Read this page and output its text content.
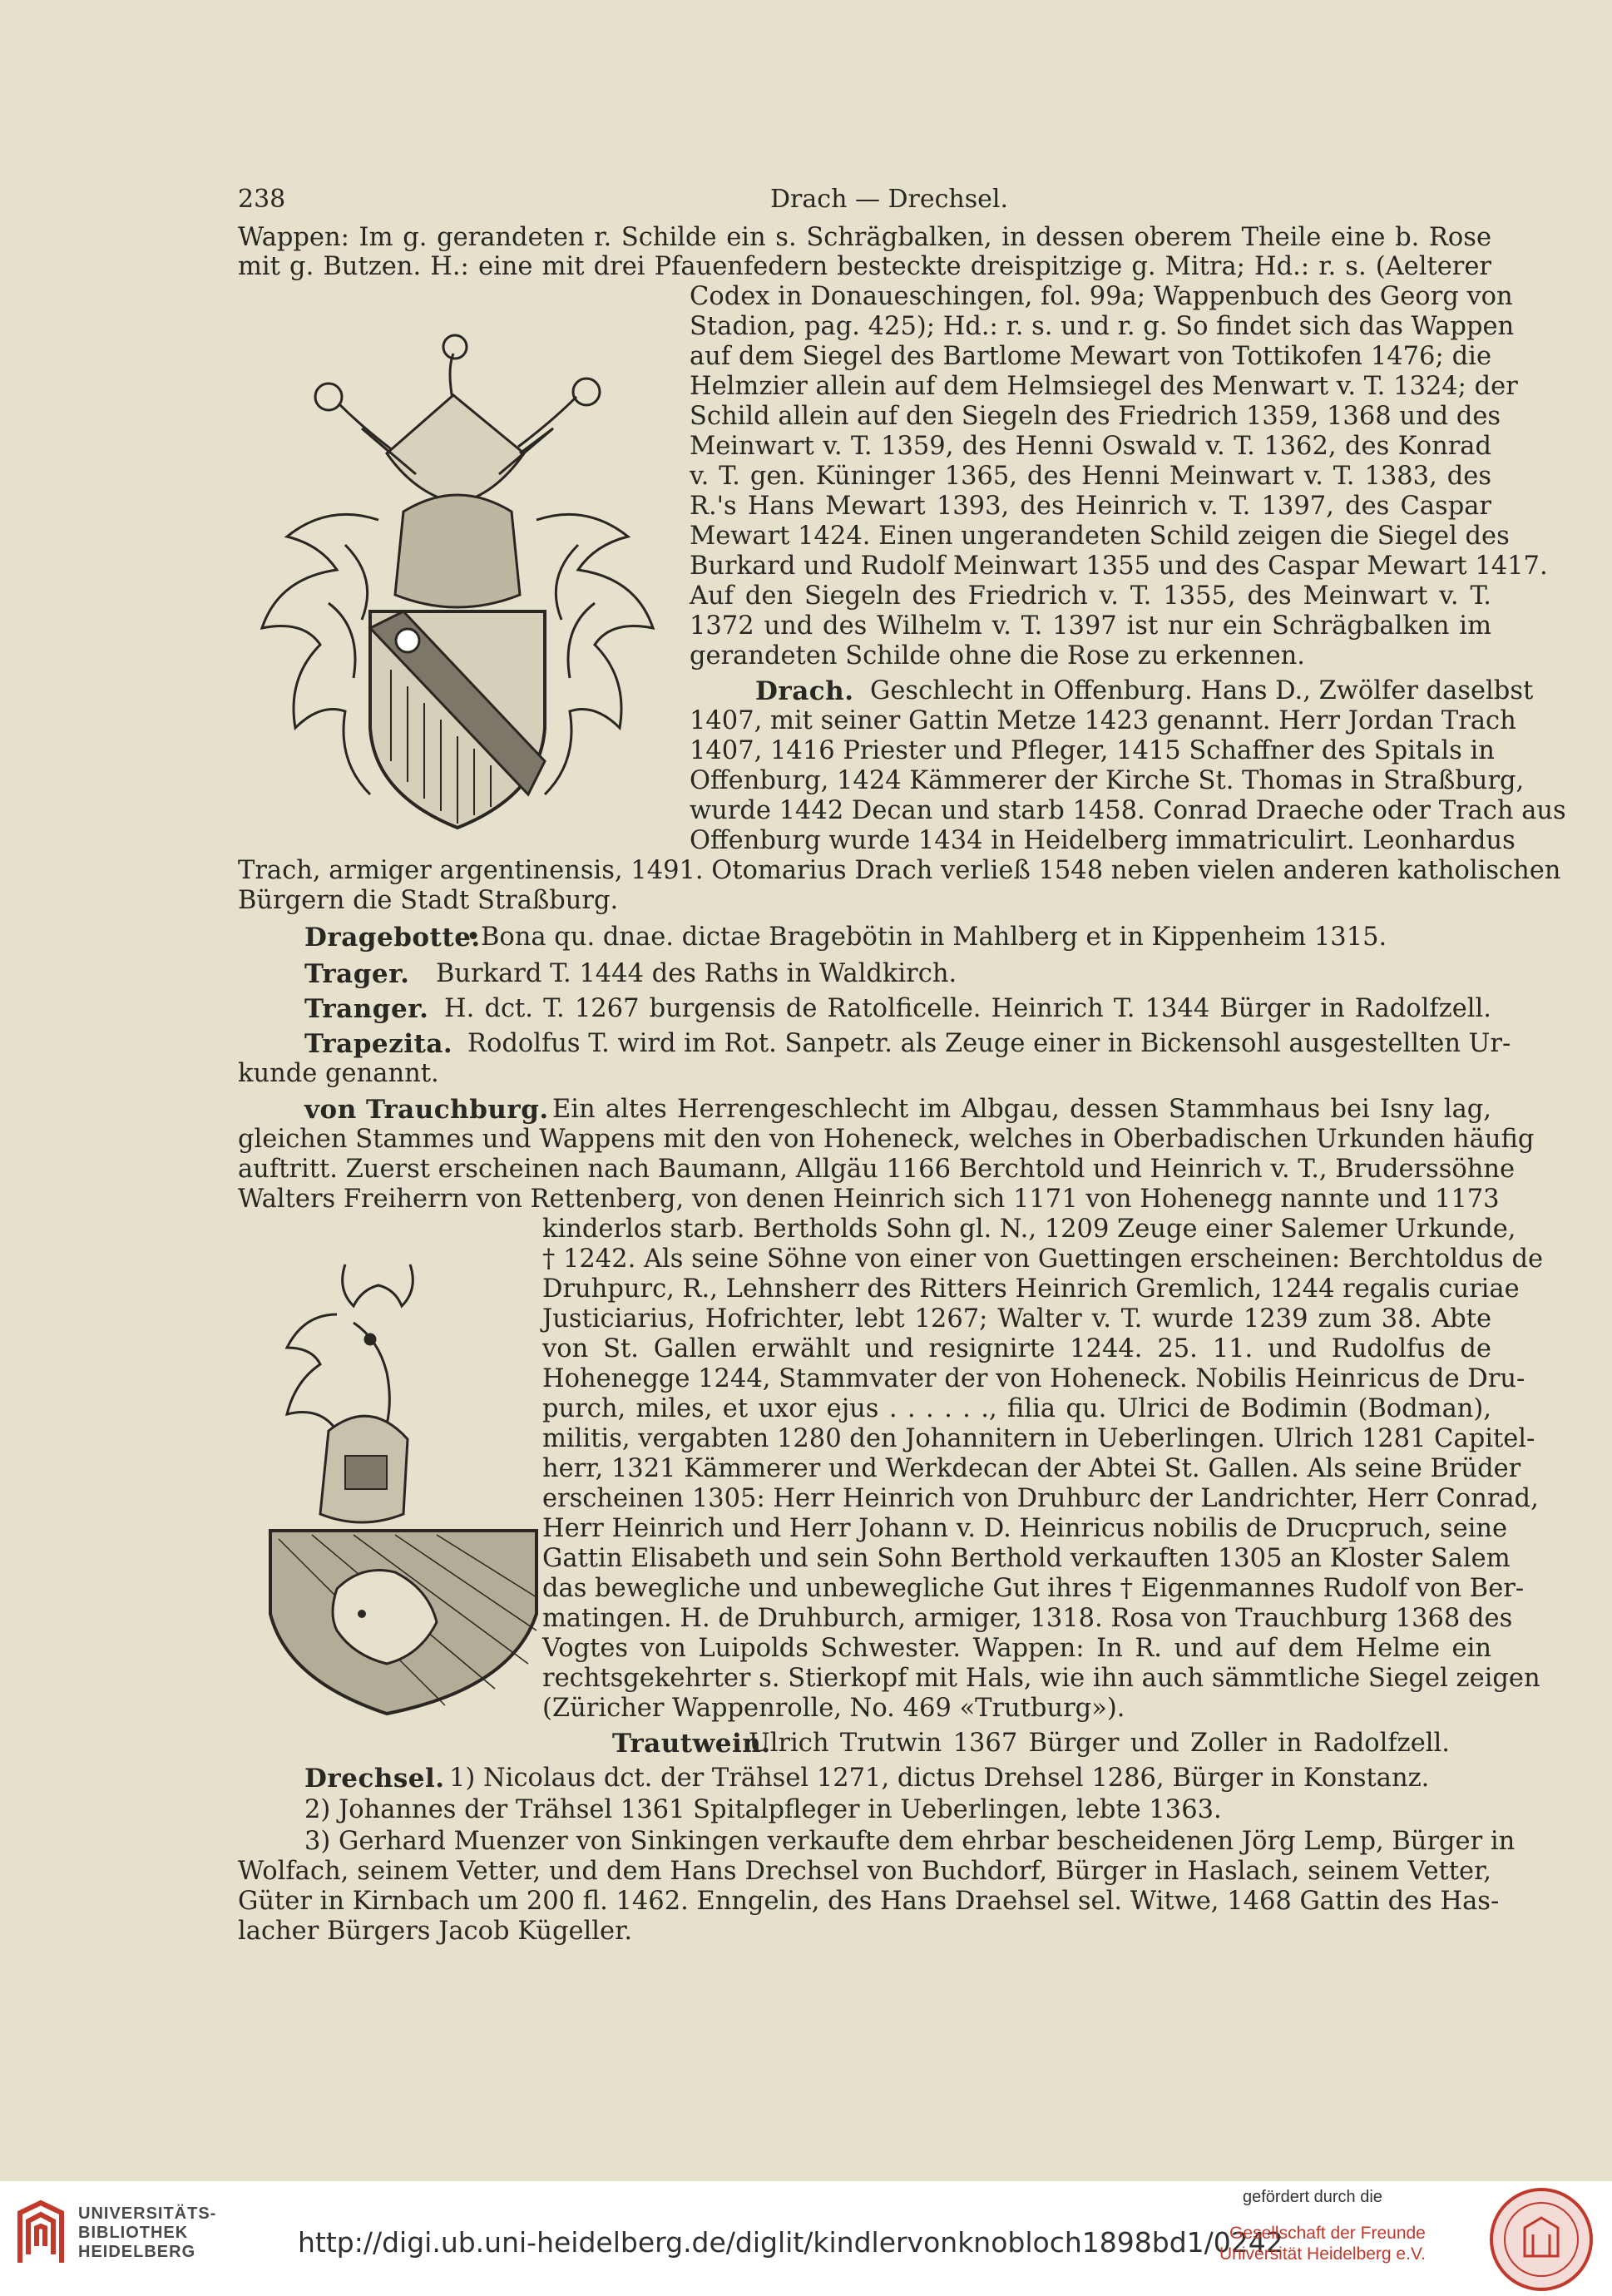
238	Drach — Drechsel.
Wappen: Im g. gerandeten r. Schilde ein s. Schrägbalken, in dessen oberem Theile eine b. Rose
mit g. Butzen. H.: eine mit drei Pfauenfedern besteckte dreispitzige g. Mitra; Hd.: r. s. (Aelterer
Codex in Donaueschingen, fol. 99a; Wappenbuch des Georg von
Stadion, pag. 425); Hd.: r. s. und r. g. So findet sich das Wappen
auf dem Siegel des Bartlome Mewart von Tottikofen 1476; die
Helmzier allein auf dem Helmsiegel des Menwart v. T. 1324; der
Schild allein auf den Siegeln des Friedrich 1359, 1368 und des
Meinwart v. T. 1359, des Henni Oswald v. T. 1362, des Konrad
v. T. gen. Küninger 1365, des Henni Meinwart v. T. 1383, des
R.'s Hans Mewart 1393, des Heinrich v. T. 1397, des Caspar
Mewart 1424. Einen ungerandeten Schild zeigen die Siegel des
Burkard und Rudolf Meinwart 1355 und des Caspar Mewart 1417.
Auf den Siegeln des Friedrich v. T. 1355, des Meinwart v. T.
1372 und des Wilhelm v. T. 1397 ist nur ein Schrägbalken im
gerandeten Schilde ohne die Rose zu erkennen.
Drach. Geschlecht in Offenburg. Hans D., Zwölfer daselbst
1407, mit seiner Gattin Metze 1423 genannt. Herr Jordan Trach
1407, 1416 Priester und Pfleger, 1415 Schaffner des Spitals in
Offenburg, 1424 Kämmerer der Kirche St. Thomas in Straßburg,
wurde 1442 Decan und starb 1458. Conrad Draeche oder Trach aus
Offenburg wurde 1434 in Heidelberg immatriculirt. Leonhardus
Trach, armiger argentinensis, 1491. Otomarius Drach verließ 1548 neben vielen anderen katholischen
Bürgern die Stadt Straßburg.
Dragebotte.
•Bona qu. dnae. dictae Bragebötin in Mahlberg et in Kippenheim 1315.
Trager. Burkard T. 1444 des Raths in Waldkirch.
Tranger. H. dct. T. 1267 burgensis de Ratolficelle. Heinrich T. 1344 Bürger in Radolfzell.
Trapezita. Rodolfus T. wird im Rot. Sanpetr. als Zeuge einer in Bickensohl ausgestellten Ur-
kunde genannt.
von Trauchburg. Ein altes Herrengeschlecht im Albgau, dessen Stammhaus bei Isny lag,
gleichen Stammes und Wappens mit den von Hoheneck, welches in Oberbadischen Urkunden häufig
auftritt. Zuerst erscheinen nach Baumann, Allgäu 1166 Berchtold und Heinrich v. T., Bruderssöhne
Walters Freiherrn von Rettenberg, von denen Heinrich sich 1171 von Hohenegg nannte und 1173
kinderlos starb. Bertholds Sohn gl. N., 1209 Zeuge einer Salemer Urkunde,
† 1242. Als seine Söhne von einer von Guettingen erscheinen: Berchtoldus de
Druhpurc, R., Lehnsherr des Ritters Heinrich Gremlich, 1244 regalis curiae
Justiciarius, Hofrichter, lebt 1267; Walter v. T. wurde 1239 zum 38. Abte
von St. Gallen erwählt und resignirte 1244. 25. 11. und Rudolfus de
Hohenegge 1244, Stammvater der von Hoheneck. Nobilis Heinricus de Dru-
purch, miles, et uxor ejus . . . . . ., filia qu. Ulrici de Bodimin (Bodman),
militis, vergabten 1280 den Johannitern in Ueberlingen. Ulrich 1281 Capitel-
herr, 1321 Kämmerer und Werkdecan der Abtei St. Gallen. Als seine Brüder
erscheinen 1305: Herr Heinrich von Druhburc der Landrichter, Herr Conrad,
Herr Heinrich und Herr Johann v. D. Heinricus nobilis de Drucpruch, seine
Gattin Elisabeth und sein Sohn Berthold verkauften 1305 an Kloster Salem
das bewegliche und unbewegliche Gut ihres † Eigenmannes Rudolf von Ber-
matingen. H. de Druhburch, armiger, 1318. Rosa von Trauchburg 1368 des
Vogtes von Luipolds Schwester. Wappen: In R. und auf dem Helme ein
rechtsgekehrter s. Stierkopf mit Hals, wie ihn auch sämmtliche Siegel zeigen
(Züricher Wappenrolle, No. 469 «Trutburg»).
Trautwein.
Ulrich Trutwin 1367 Bürger und Zoller in Radolfzell.
Drechsel. 1) Nicolaus dct. der Trähsel 1271, dictus Drehsel 1286, Bürger in Konstanz.
2) Johannes der Trähsel 1361 Spitalpfleger in Ueberlingen, lebte 1363.
3) Gerhard Muenzer von Sinkingen verkaufte dem ehrbar bescheidenen Jörg Lemp, Bürger in
Wolfach, seinem Vetter, und dem Hans Drechsel von Buchdorf, Bürger in Haslach, seinem Vetter,
Güter in Kirnbach um 200 fl. 1462. Enngelin, des Hans Draehsel sel. Witwe, 1468 Gattin des Has-
lacher Bürgers Jacob Kügeller.
UNIVERSITÄTS-
BIBLIOTHEK
HEIDELBERG	http://digi.ub.uni-heidelberg.de/diglit/kindlervonknobloch1898bd1/0242
gefördert durch die
Gesellschaft der Freunde
Universität Heidelberg e.V.
